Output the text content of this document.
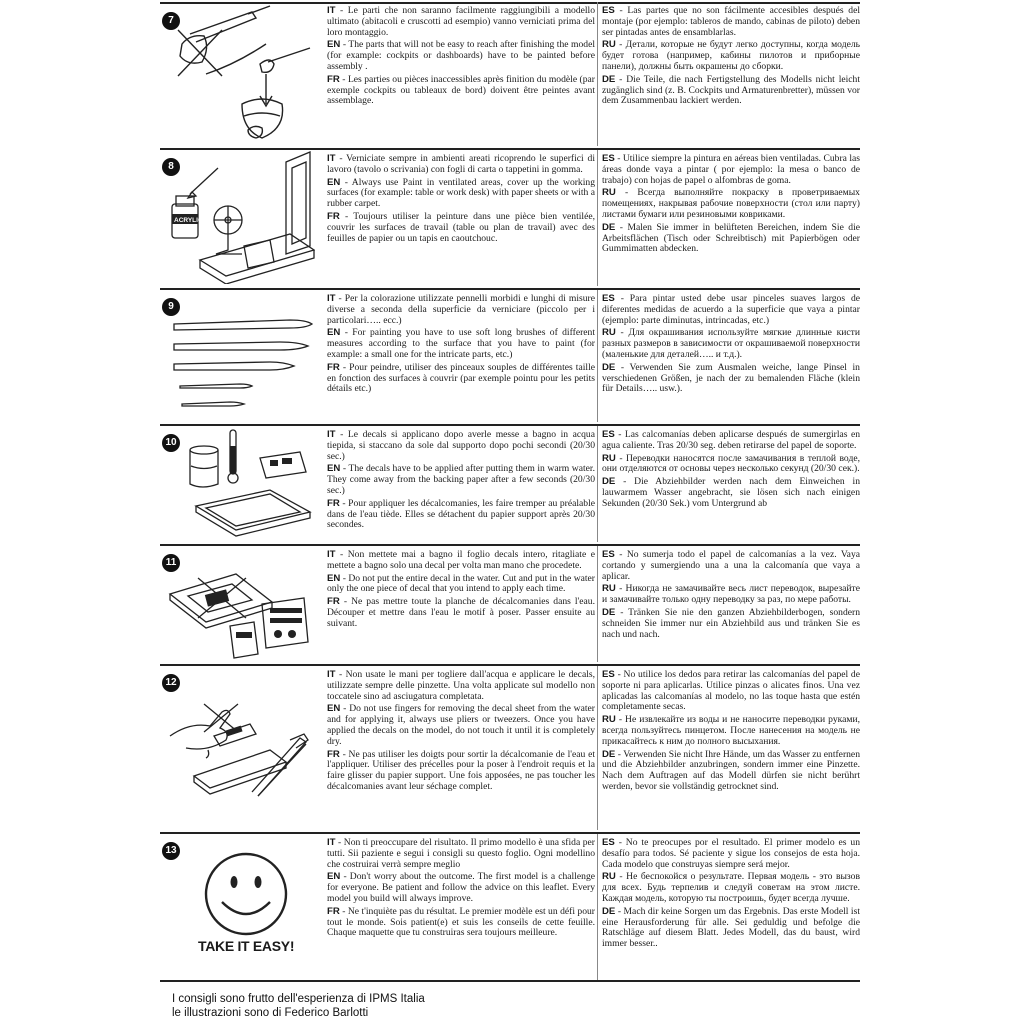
7

IT - Le parti che non saranno facilmente raggiungibili a modello ultimato (abitacoli e cruscotti ad esempio) vanno verniciati prima del loro montaggio.

EN - The parts that will not be easy to reach after finishing the model (for example: cockpits or dashboards) have to be painted before assembly .

FR - Les parties ou pièces inaccessibles après finition du modèle (par exemple cockpits ou tableaux de bord) doivent être peintes avant assemblage.

ES - Las partes que no son fácilmente accesibles después del montaje (por ejemplo: tableros de mando, cabinas de piloto) deben ser pintadas antes de ensamblarlas.

RU - Детали, которые не будут легко доступны, когда модель будет готова (например, кабины пилотов и приборные панели), должны быть окрашены до сборки.

DE - Die Teile, die nach Fertigstellung des Modells nicht leicht zugänglich sind (z. B. Cockpits und Armaturenbretter), müssen vor dem Zusammenbau lackiert werden.

8
ACRYLIC

IT - Verniciate sempre in ambienti areati ricoprendo le superfici di lavoro (tavolo o scrivania) con fogli di carta o tappetini in gomma.

EN - Always use Paint in ventilated areas, cover up the working surfaces (for example: table or work desk) with paper sheets or with a rubber carpet.

FR - Toujours utiliser la peinture dans une pièce bien ventilée, couvrir les surfaces de travail (table ou plan de travail) avec des feuilles de papier ou un tapis en caoutchouc.

ES - Utilice siempre la pintura en aéreas bien ventiladas. Cubra las áreas donde vaya a pintar ( por ejemplo: la mesa o banco de trabajo) con hojas de papel o alfombras de goma.

RU - Всегда выполняйте покраску в проветриваемых помещениях, накрывая рабочие поверхности (стол или парту) листами бумаги или резиновыми ковриками.

DE - Malen Sie immer in belüfteten Bereichen, indem Sie die Arbeitsflächen (Tisch oder Schreibtisch) mit Papierbögen oder Gummimatten abdecken.

9

IT - Per la colorazione utilizzate pennelli morbidi e lunghi di misure diverse a seconda della superficie da verniciare (piccolo per i particolari….. ecc.)

EN - For painting you have to use soft long brushes of different measures according to the surface that you have to paint (for example: a small one for the intricate parts, etc.)

FR - Pour peindre, utiliser des pinceaux souples de différentes taille en fonction des surfaces à couvrir (par exemple pointu pour les petits détails etc.)

ES - Para pintar usted debe usar pinceles suaves largos de diferentes medidas de acuerdo a la superficie que vaya a pintar (ejemplo: parte diminutas, intrincadas, etc.)

RU - Для окрашивания используйте мягкие длинные кисти разных размеров в зависимости от окрашиваемой поверхности (маленькие для деталей….. и т.д.).

DE - Verwenden Sie zum Ausmalen weiche, lange Pinsel in verschiedenen Größen, je nach der zu bemalenden Fläche (klein für Details….. usw.).

10

IT - Le decals si applicano dopo averle messe a bagno in acqua tiepida, si staccano da sole dal supporto dopo pochi secondi (20/30 sec.)

EN - The decals have to be applied after putting them in warm water. They come away from the backing paper after a few seconds (20/30 sec.)

FR - Pour appliquer les décalcomanies, les faire tremper au préalable dans de l'eau tiède. Elles se détachent du papier support après 20/30 secondes.

ES - Las calcomanías deben aplicarse después de sumergirlas en agua caliente. Tras 20/30 seg. deben retirarse del papel de soporte.

RU - Переводки наносятся после замачивания в теплой воде, они отделяются от основы через несколько секунд (20/30 сек.).

DE - Die Abziehbilder werden nach dem Einweichen in lauwarmem Wasser angebracht, sie lösen sich nach einigen Sekunden (20/30 Sek.) vom Untergrund ab

11

IT - Non mettete mai a bagno il foglio decals intero, ritagliate e mettete a bagno solo una decal per volta man mano che procedete.

EN - Do not put the entire decal in the water. Cut and put in the water only the one piece of decal that you intend to apply each time.

FR - Ne pas mettre toute la planche de décalcomanies dans l'eau. Découper et mettre dans l'eau le motif à poser. Passer ensuite au suivant.

ES - No sumerja todo el papel de calcomanías a la vez. Vaya cortando y sumergiendo una a una la calcomanía que vaya a aplicar.

RU - Никогда не замачивайте весь лист переводок, вырезайте и замачивайте только одну переводку за раз, по мере работы.

DE - Tränken Sie nie den ganzen Abziehbilderbogen, sondern schneiden Sie immer nur ein Abziehbild aus und tränken Sie es nach und nach.

12

IT - Non usate le mani per togliere dall'acqua e applicare le decals, utilizzate sempre delle pinzette. Una volta applicate sul modello non toccatele sino ad asciugatura completata.

EN - Do not use fingers for removing the decal sheet from the water and for applying it, always use pliers or tweezers. Once you have applied the decals on the model, do not touch it until it is completely dry.

FR - Ne pas utiliser les doigts pour sortir la décalcomanie de l'eau et l'appliquer. Utiliser des précelles pour la poser à l'endroit requis et la faire glisser du papier support. Une fois apposées, ne pas toucher les décalcomanies avant leur séchage complet.

ES - No utilice los dedos para retirar las calcomanías del papel de soporte ni para aplicarlas. Utilice pinzas o alicates finos. Una vez aplicadas las calcomanías al modelo, no las toque hasta que estén completamente secas.

RU - Не извлекайте из воды и не наносите переводки руками, всегда пользуйтесь пинцетом. После нанесения на модель не прикасайтесь к ним до полного высыхания.

DE - Verwenden Sie nicht Ihre Hände, um das Wasser zu entfernen und die Abziehbilder anzubringen, sondern immer eine Pinzette. Nach dem Auftragen auf das Modell dürfen sie nicht berührt werden, bevor sie vollständig getrocknet sind.

13
TAKE IT EASY!

IT - Non ti preoccupare del risultato. Il primo modello è una sfida per tutti. Sii paziente e segui i consigli su questo foglio. Ogni modellino che costruirai verrà sempre meglio

EN - Don't worry about the outcome. The first model is a challenge for everyone. Be patient and follow the advice on this leaflet. Every model you build will always improve.

FR - Ne t'inquiète pas du résultat. Le premier modèle est un défi pour tout le monde. Sois patient(e) et suis les conseils de cette feuille. Chaque maquette que tu construiras sera toujours meilleure.

ES - No te preocupes por el resultado. El primer modelo es un desafío para todos. Sé paciente y sigue los consejos de esta hoja. Cada modelo que construyas siempre será mejor.

RU - Не беспокойся о результате. Первая модель - это вызов для всех. Будь терпелив и следуй советам на этом листе. Каждая модель, которую ты построишь, будет всегда лучше.

DE - Mach dir keine Sorgen um das Ergebnis. Das erste Modell ist eine Herausforderung für alle. Sei geduldig und befolge die Ratschläge auf diesem Blatt. Jedes Modell, das du baust, wird immer besser..

I consigli sono frutto dell'esperienza di IPMS Italia
le illustrazioni sono di Federico Barlotti
